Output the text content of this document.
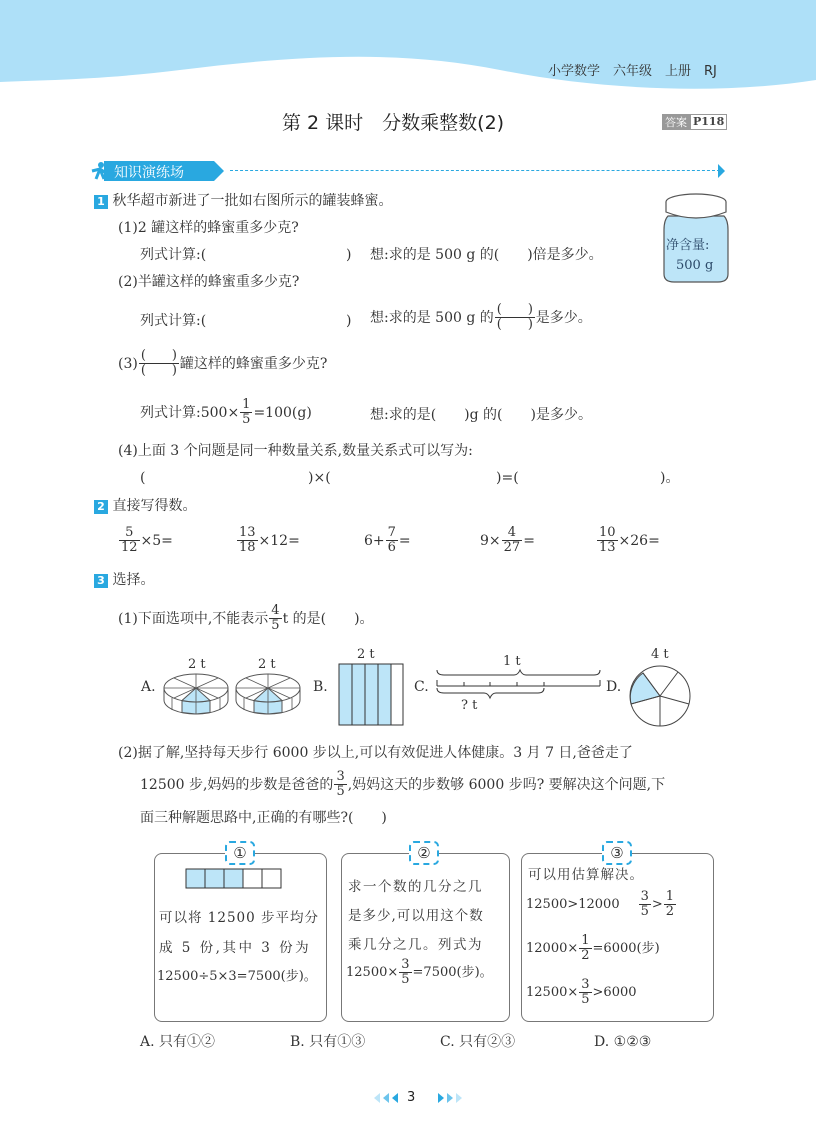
小学数学　六年级　上册　RJ
第 2 课时　分数乘整数(2)	答案 P118
知识演练场
1 秋华超市新进了一批如右图所示的罐装蜂蜜。
净含量:
500 g
(1)2 罐这样的蜂蜜重多少克?
列式计算:(	) 想:求的是 500 g 的(　　)倍是多少。
(2)半罐这样的蜂蜜重多少克?
列式计算:(	) 想:求的是 500 g 的 $\frac{( )}{( )}$ 是多少。
$(3) \frac{( )}{( )}$ 罐这样的蜂蜜重多少克?
列式计算:500× $\frac{1}{5} =100(g)$	想:求的是(　　)g 的(　　)是多少。
(4)上面 3 个问题是同一种数量关系,数量关系式可以写为:
(	)×(	)=(	)。
2 直接写得数。
$\frac{5}{12} \times 5=$	$\frac{13}{18} \times 12=$	$6+ \frac{7}{6}$ =	$9\times \frac{4}{27}$ =	$\frac{10}{13} \times 26=$
3 选择。
(1)下面选项中,不能表示 $\frac{4}{5}$ t 的是(　　)。
A.
2 t	2 t
B.
2 t
C.
1 t
? t
D.
4 t
(2)据了解,坚持每天步行 6000 步以上,可以有效促进人体健康。3 月 7 日,爸爸走了
12500 步,妈妈的步数是爸爸的 $\frac{3}{5}$ ,妈妈这天的步数够 6000 步吗? 要解决这个问题,下
面三种解题思路中,正确的有哪些?(　　)
可以将 12500 步平均分
成 5 份,其中 3 份为
12500÷5×3=7500(步)。
①
求一个数的几分之几
是多少,可以用这个数
乘几分之几。列式为
$12500\times \frac{3}{5} =7500$(步)。
②
可以用估算解决。
$12500>12000 \frac{3}{5} > \frac{1}{2}$
$12000\times \frac{1}{2} =6000$(步)
$12500\times \frac{3}{5} >6000$
③
A. 只有①②	B. 只有①③	C. 只有②③	D. ①②③
3
